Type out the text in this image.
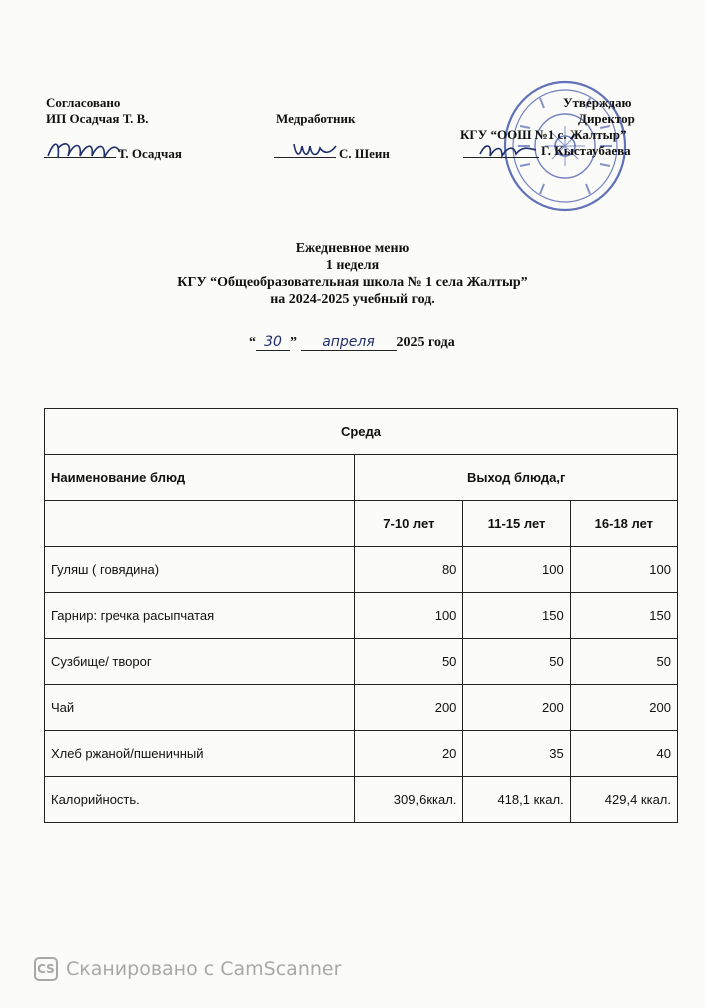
Согласовано
ИП Осадчая Т. В.
Т. Осадчая
Медработник
С. Шеин
Утверждаю
Директор
КГУ “ООШ №1 с. Жалтыр”
Г. Кыстаубаева
Ежедневное меню
1 неделя
КГУ “Общеобразовательная школа № 1 села Жалтыр”
на 2024-2025 учебный год.
“ 30 ” апреля 2025 года
Среда			
Наименование блюд	Выход блюда,г		
	7-10 лет	11-15 лет	16-18 лет
Гуляш ( говядина)	80	100	100
Гарнир: гречка расыпчатая	100	150	150
Сузбище/ творог	50	50	50
Чай	200	200	200
Хлеб ржаной/пшеничный	20	35	40
Калорийность.	309,6ккал.	418,1 ккал.	429,4 ккал.
CS Сканировано с CamScanner
